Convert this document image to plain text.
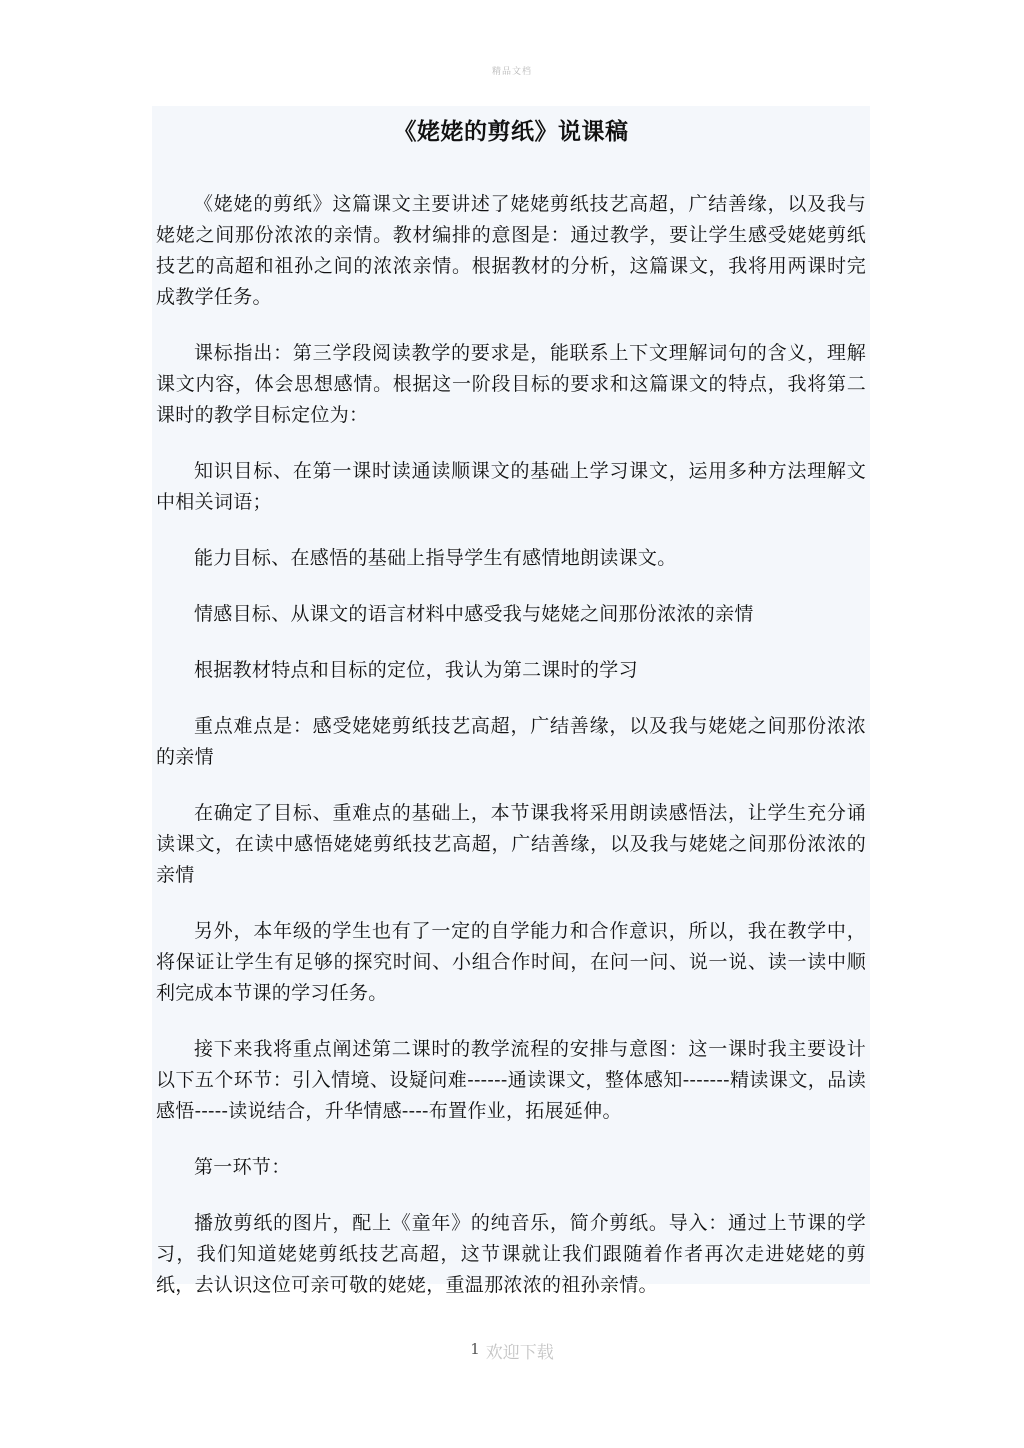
精品文档
《姥姥的剪纸》说课稿

《姥姥的剪纸》这篇课文主要讲述了姥姥剪纸技艺高超，广结善缘，以及我与姥姥之间那份浓浓的亲情。教材编排的意图是：通过教学，要让学生感受姥姥剪纸技艺的高超和祖孙之间的浓浓亲情。根据教材的分析，这篇课文，我将用两课时完成教学任务。

课标指出：第三学段阅读教学的要求是，能联系上下文理解词句的含义，理解课文内容，体会思想感情。根据这一阶段目标的要求和这篇课文的特点，我将第二课时的教学目标定位为：

知识目标、在第一课时读通读顺课文的基础上学习课文，运用多种方法理解文中相关词语；

能力目标、在感悟的基础上指导学生有感情地朗读课文。

情感目标、从课文的语言材料中感受我与姥姥之间那份浓浓的亲情

根据教材特点和目标的定位，我认为第二课时的学习

重点难点是：感受姥姥剪纸技艺高超，广结善缘，以及我与姥姥之间那份浓浓的亲情

在确定了目标、重难点的基础上，本节课我将采用朗读感悟法，让学生充分诵读课文，在读中感悟姥姥剪纸技艺高超，广结善缘，以及我与姥姥之间那份浓浓的亲情

另外，本年级的学生也有了一定的自学能力和合作意识，所以，我在教学中，将保证让学生有足够的探究时间、小组合作时间，在问一问、说一说、读一读中顺利完成本节课的学习任务。

接下来我将重点阐述第二课时的教学流程的安排与意图：这一课时我主要设计以下五个环节：引入情境、设疑问难------通读课文，整体感知-------精读课文，品读感悟-----读说结合，升华情感----布置作业，拓展延伸。

第一环节：

播放剪纸的图片，配上《童年》的纯音乐，简介剪纸。导入：通过上节课的学习，我们知道姥姥剪纸技艺高超，这节课就让我们跟随着作者再次走进姥姥的剪纸，去认识这位可亲可敬的姥姥，重温那浓浓的祖孙亲情。

1 欢迎下载
